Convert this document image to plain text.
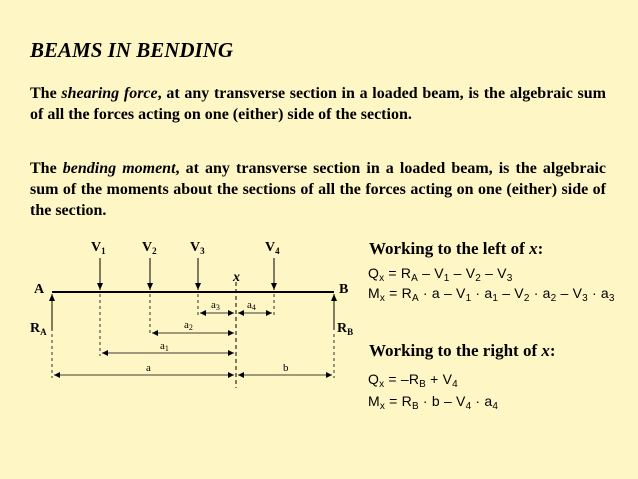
BEAMS IN BENDING
The shearing force, at any transverse section in a loaded beam, is the algebraic sum of all the forces acting on one (either) side of the section.
The bending moment, at any transverse section in a loaded beam, is the algebraic sum of the moments about the sections of all the forces acting on one (either) side of the section.
$V_1$	$V_2$ $V_3$	$V_4$
x
A	B
$R_A$	$R_B$
a3 a4
a2
a1
a	b
Working to the left of x:
$Q_x = R_A - V_1 - V_2 - V_3$
$M_x = R_A \cdot a - V_1 \cdot a_1 - V_2 \cdot a_2 - V_3 \cdot a_3$
Working to the right of x:
$Q_x = -R_B + V_4$
$M_x = R_B \cdot b - V_4 \cdot a_4$
